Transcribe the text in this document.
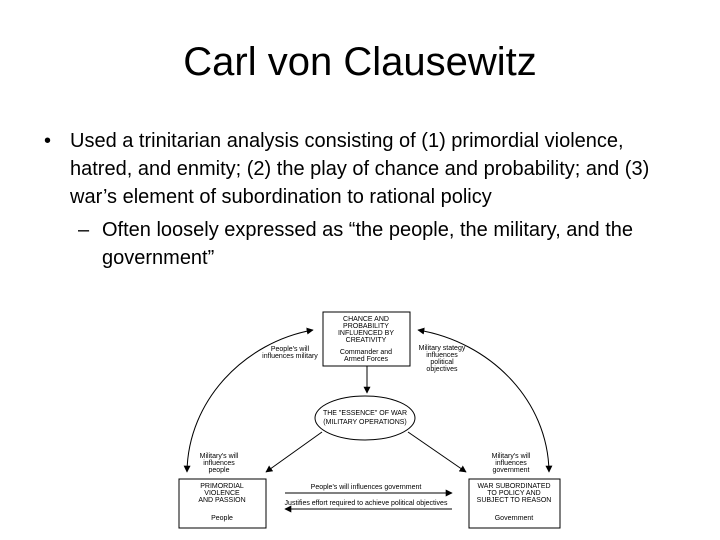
Carl von Clausewitz
• Used a trinitarian analysis consisting of (1) primordial violence, hatred, and enmity; (2) the play of chance and probability; and (3) war’s element of subordination to rational policy
– Often loosely expressed as “the people, the military, and the government”
CHANCE AND
PROBABILITY
INFLUENCED BY
CREATIVITY
Commander and
Armed Forces
THE "ESSENCE" OF WAR
(MILITARY OPERATIONS)
PRIMORDIAL
VIOLENCE
AND PASSION
People
WAR SUBORDINATED
TO POLICY AND
SUBJECT TO REASON
Government
People's will
influences military
Military stategy
influences
political
objectives
Military's will
influences
people
Military's will
influences
government
People's will influences government
Justifies effort required to achieve political objectives
